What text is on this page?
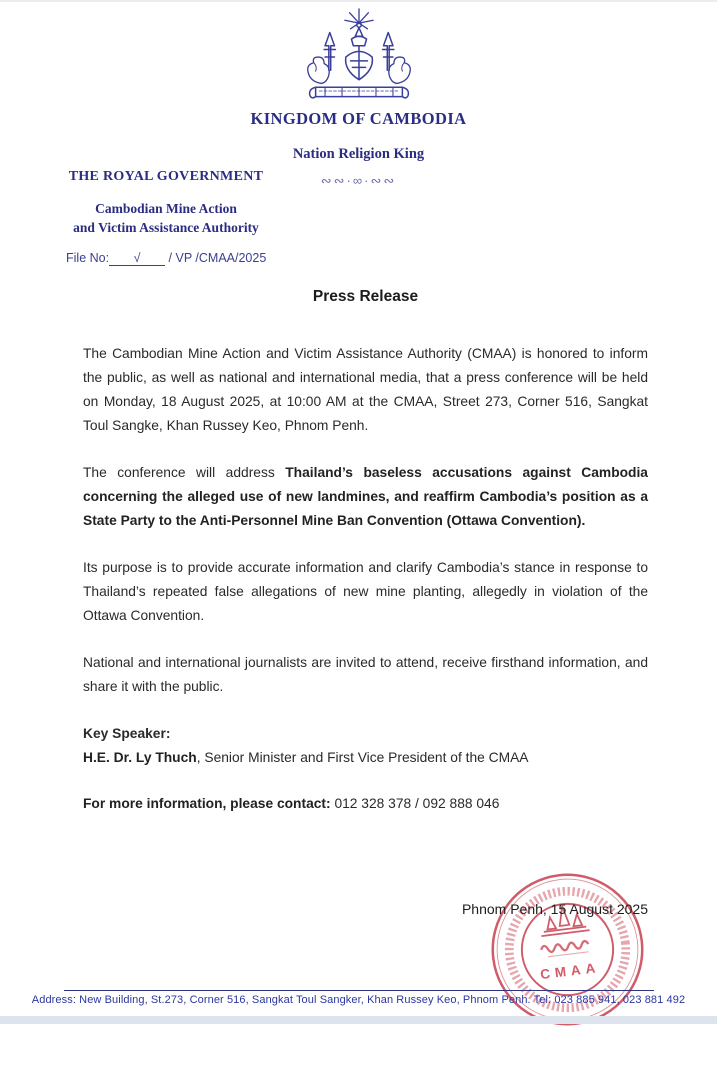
KINGDOM OF CAMBODIA
Nation Religion King
∾∾·∞·∾∾
THE ROYAL GOVERNMENT
Cambodian Mine Action
and Victim Assistance Authority
File No: √ / VP /CMAA/2025
Press Release

The Cambodian Mine Action and Victim Assistance Authority (CMAA) is honored to inform the public, as well as national and international media, that a press conference will be held on Monday, 18 August 2025, at 10:00 AM at the CMAA, Street 273, Corner 516, Sangkat Toul Sangke, Khan Russey Keo, Phnom Penh.

The conference will address Thailand’s baseless accusations against Cambodia concerning the alleged use of new landmines, and reaffirm Cambodia’s position as a State Party to the Anti-Personnel Mine Ban Convention (Ottawa Convention).

Its purpose is to provide accurate information and clarify Cambodia’s stance in response to Thailand’s repeated false allegations of new mine planting, allegedly in violation of the Ottawa Convention.

National and international journalists are invited to attend, receive firsthand information, and share it with the public.

Key Speaker:

H.E. Dr. Ly Thuch, Senior Minister and First Vice President of the CMAA

For more information, please contact: 012 328 378 / 092 888 046

CMAA
Phnom Penh, 15 August 2025
Address: New Building, St.273, Corner 516, Sangkat Toul Sangker, Khan Russey Keo, Phnom Penh. Tel: 023 885 941, 023 881 492
